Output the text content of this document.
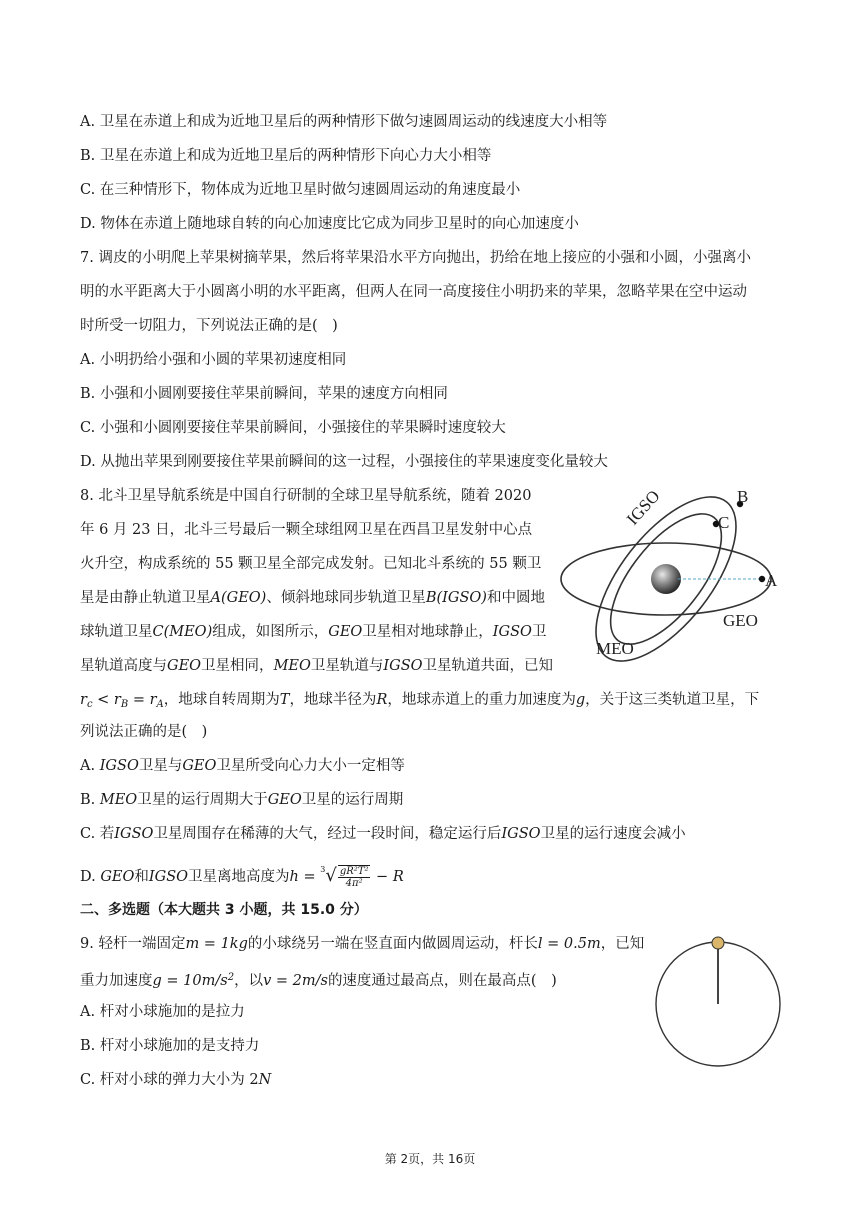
A. 卫星在赤道上和成为近地卫星后的两种情形下做匀速圆周运动的线速度大小相等
B. 卫星在赤道上和成为近地卫星后的两种情形下向心力大小相等
C. 在三种情形下，物体成为近地卫星时做匀速圆周运动的角速度最小
D. 物体在赤道上随地球自转的向心加速度比它成为同步卫星时的向心加速度小
7. 调皮的小明爬上苹果树摘苹果，然后将苹果沿水平方向抛出，扔给在地上接应的小强和小圆，小强离小
明的水平距离大于小圆离小明的水平距离，但两人在同一高度接住小明扔来的苹果，忽略苹果在空中运动
时所受一切阻力，下列说法正确的是(　)
A. 小明扔给小强和小圆的苹果初速度相同
B. 小强和小圆刚要接住苹果前瞬间，苹果的速度方向相同
C. 小强和小圆刚要接住苹果前瞬间，小强接住的苹果瞬时速度较大
D. 从抛出苹果到刚要接住苹果前瞬间的这一过程，小强接住的苹果速度变化量较大
8. 北斗卫星导航系统是中国自行研制的全球卫星导航系统，随着 2020
年 6 月 23 日，北斗三号最后一颗全球组网卫星在西昌卫星发射中心点
火升空，构成系统的 55 颗卫星全部完成发射。已知北斗系统的 55 颗卫
星是由静止轨道卫星A(GEO)、倾斜地球同步轨道卫星B(IGSO)和中圆地
球轨道卫星C(MEO)组成，如图所示，GEO卫星相对地球静止，IGSO卫
星轨道高度与GEO卫星相同，MEO卫星轨道与IGSO卫星轨道共面，已知
$r_c < r_B = r_A$，地球自转周期为T，地球半径为R，地球赤道上的重力加速度为g，关于这三类轨道卫星，下
列说法正确的是(　)
A. IGSO卫星与GEO卫星所受向心力大小一定相等
B. MEO卫星的运行周期大于GEO卫星的运行周期
C. 若IGSO卫星周围存在稀薄的大气，经过一段时间，稳定运行后IGSO卫星的运行速度会减小
D. GEO和IGSO卫星离地高度为$h = ^3√ \frac{\text{gR²T²}}{\text{4π²}} - R$
IGSO	B
C
A
GEO
MEO
二、多选题（本大题共 3 小题，共 15.0 分）
9. 轻杆一端固定m = 1kg的小球绕另一端在竖直面内做圆周运动，杆长l = 0.5m，已知
重力加速度$g = 10m/s^2$，以v = 2m/s的速度通过最高点，则在最高点(　)
A. 杆对小球施加的是拉力
B. 杆对小球施加的是支持力
C. 杆对小球的弹力大小为 2N
第 2页，共 16页
